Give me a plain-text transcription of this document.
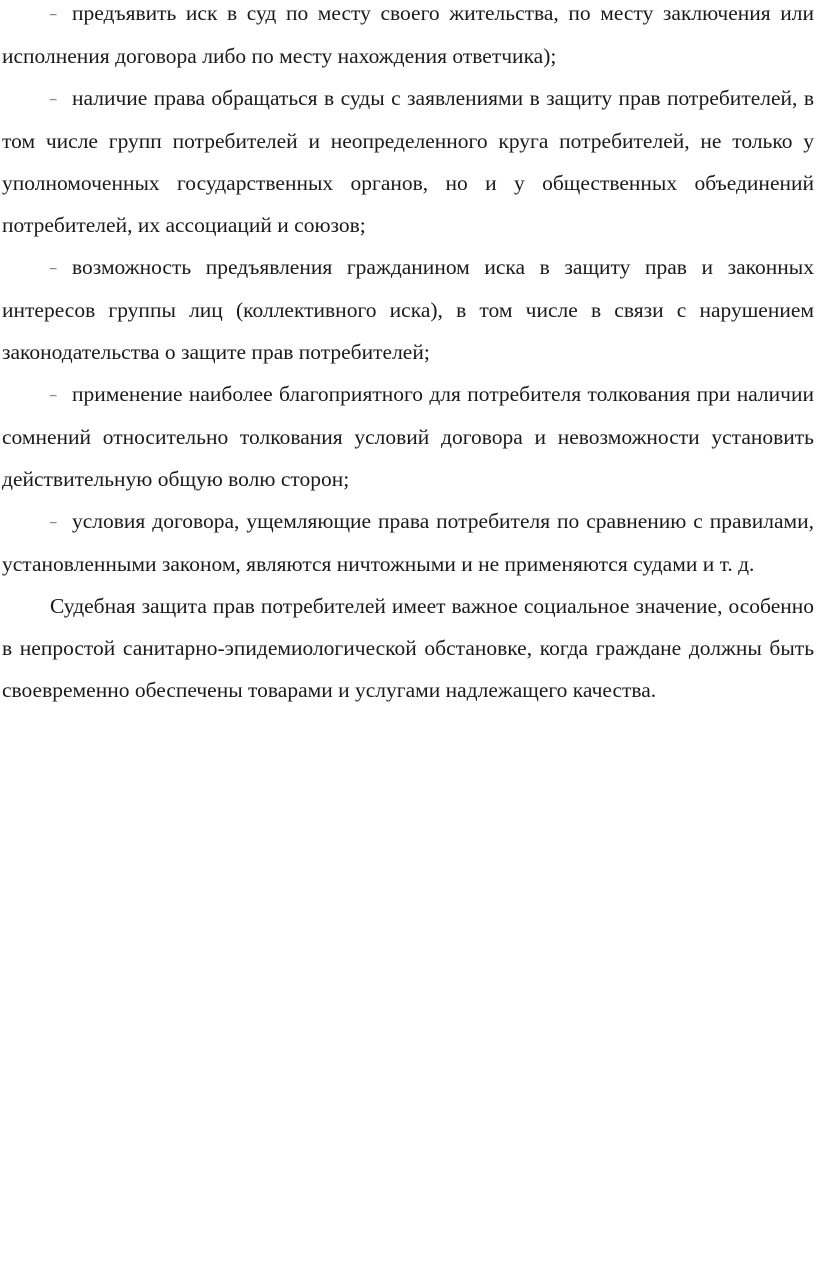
– предъявить иск в суд по месту своего жительства, по месту заключения или исполнения договора либо по месту нахождения ответчика);

– наличие права обращаться в суды с заявлениями в защиту прав потребителей, в том числе групп потребителей и неопределенного круга потребителей, не только у уполномоченных государственных органов, но и у общественных объединений потребителей, их ассоциаций и союзов;

– возможность предъявления гражданином иска в защиту прав и законных интересов группы лиц (коллективного иска), в том числе в связи с нарушением законодательства о защите прав потребителей;

– применение наиболее благоприятного для потребителя толкования при наличии сомнений относительно толкования условий договора и невозможности установить действительную общую волю сторон;

– условия договора, ущемляющие права потребителя по сравнению с правилами, установленными законом, являются ничтожными и не применяются судами и т. д.

Судебная защита прав потребителей имеет важное социальное значение, особенно в непростой санитарно-эпидемиологической обстановке, когда граждане должны быть своевременно обеспечены товарами и услугами надлежащего качества.
